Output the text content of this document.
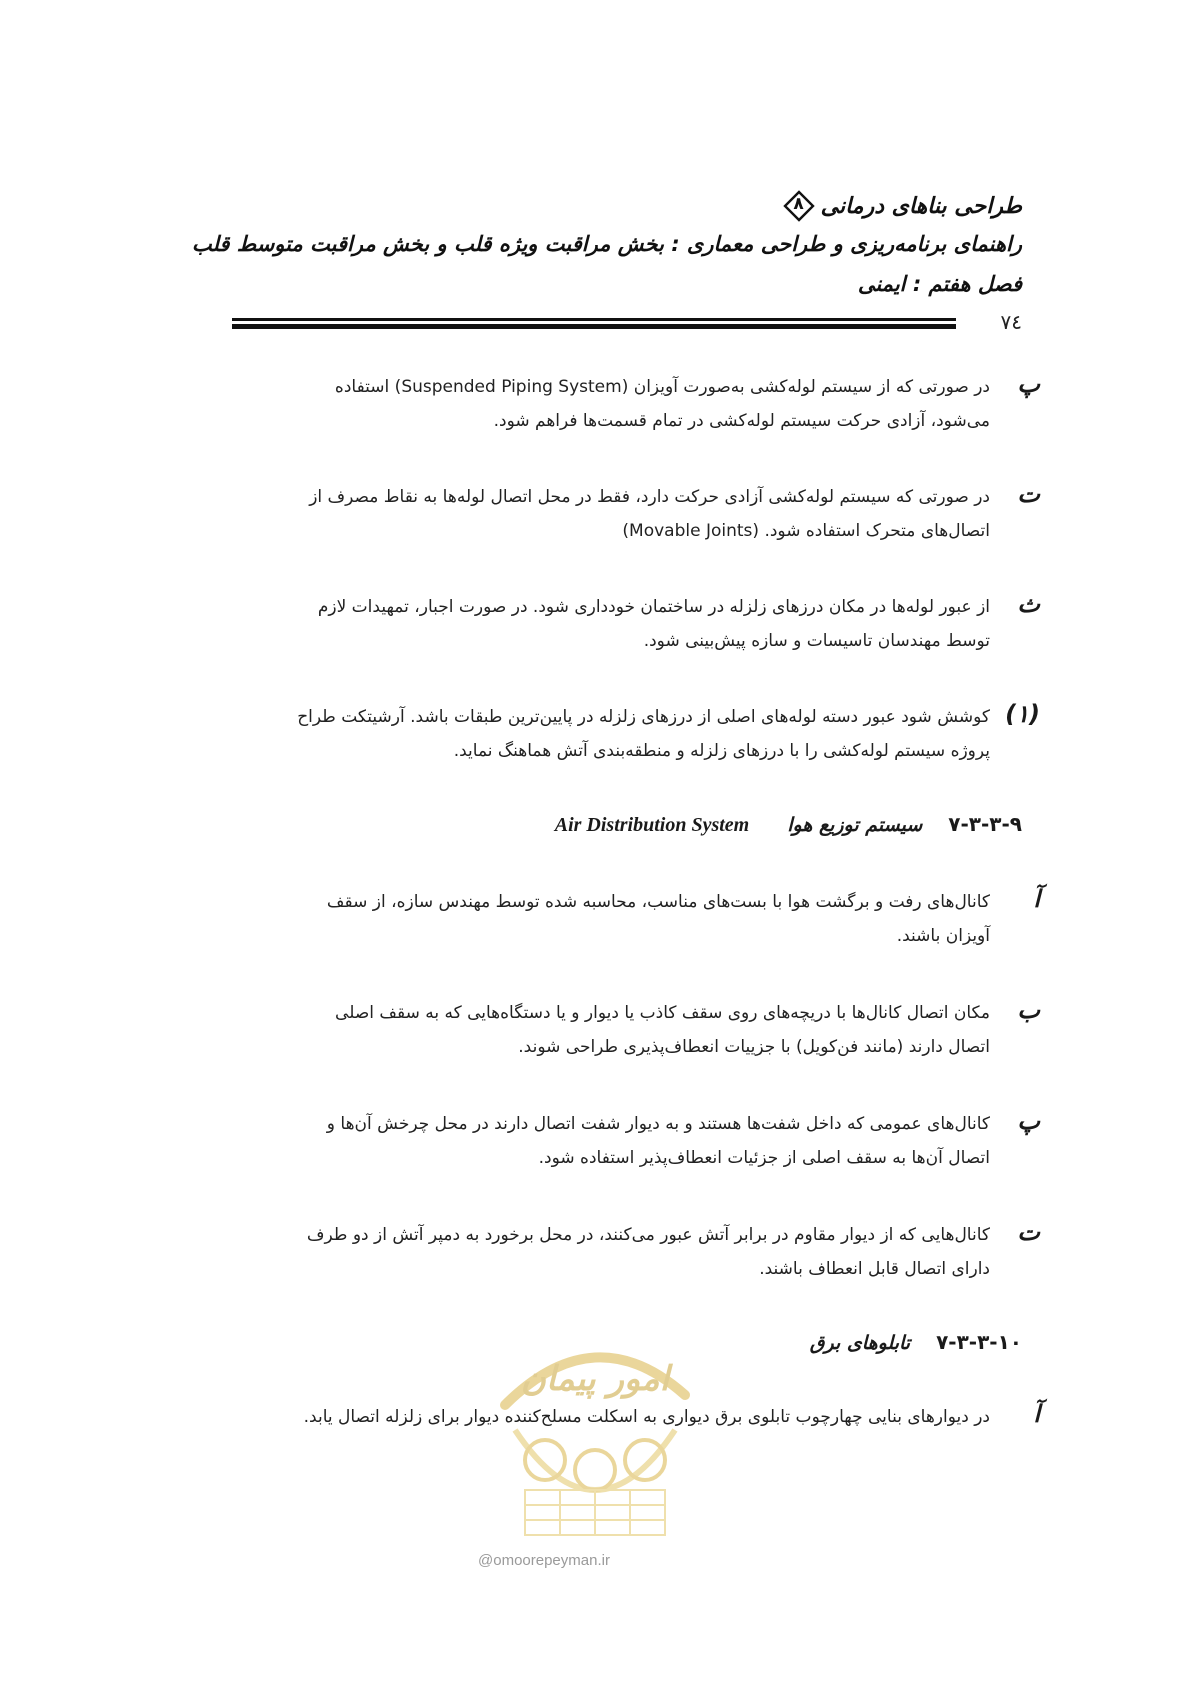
طراحی بناهای درمانی
۸
راهنمای برنامه‌ریزی و طراحی معماری : بخش مراقبت ویژه قلب و بخش مراقبت متوسط قلب
فصل هفتم : ایمنی
۷٤
پ

در صورتی که از سیستم لوله‌کشی به‌صورت آویزان (Suspended Piping System) استفاده

می‌شود، آزادی حرکت سیستم لوله‌کشی در تمام قسمت‌ها فراهم شود.

ت

در صورتی که سیستم لوله‌کشی آزادی حرکت دارد، فقط در محل اتصال لوله‌ها به نقاط مصرف از

اتصال‌های متحرک استفاده شود. (Movable Joints)

ث

از عبور لوله‌ها در مکان درزهای زلزله در ساختمان خودداری شود. در صورت اجبار، تمهیدات لازم

توسط مهندسان تاسیسات و سازه پیش‌بینی شود.

(۱)

کوشش شود عبور دسته لوله‌های اصلی از درزهای زلزله در پایین‌ترین طبقات باشد. آرشیتکت طراح

پروژه سیستم لوله‌کشی را با درزهای زلزله و منطقه‌بندی آتش هماهنگ نماید.

۷-۳-۳-۹
سیستم توزیع هوا
Air Distribution System
آ

کانال‌های رفت و برگشت هوا با بست‌های مناسب، محاسبه شده توسط مهندس سازه، از سقف

آویزان باشند.

ب

مکان اتصال کانال‌ها با دریچه‌های روی سقف کاذب یا دیوار و یا دستگاه‌هایی که به سقف اصلی

اتصال دارند (مانند فن‌کویل) با جزییات انعطاف‌پذیری طراحی شوند.

پ

کانال‌های عمومی که داخل شفت‌ها هستند و به دیوار شفت اتصال دارند در محل چرخش آن‌ها و

اتصال آن‌ها به سقف اصلی از جزئیات انعطاف‌پذیر استفاده شود.

ت

کانال‌هایی که از دیوار مقاوم در برابر آتش عبور می‌کنند، در محل برخورد به دمپر آتش از دو طرف

دارای اتصال قابل انعطاف باشند.

۷-۳-۳-۱۰
تابلوهای برق
امور پیمان
@omoorepeyman.ir
آ

در دیوارهای بنایی چهارچوب تابلوی برق دیواری به اسکلت مسلح‌کننده دیوار برای زلزله اتصال یابد.
